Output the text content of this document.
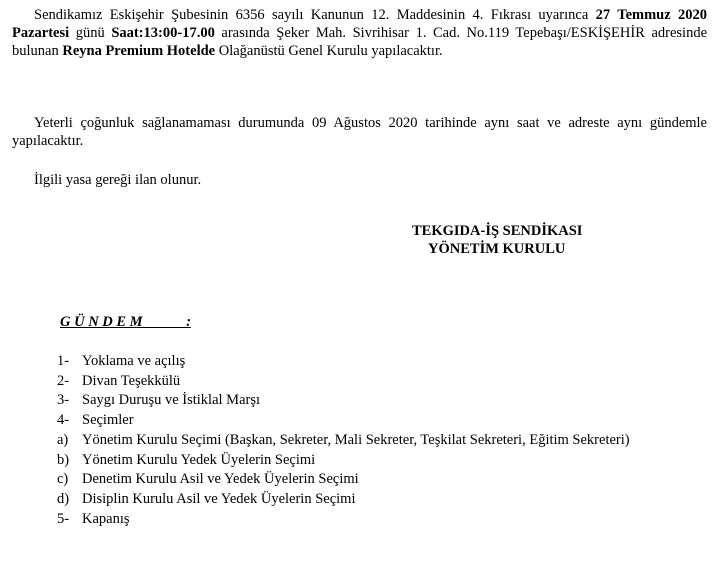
Sendikamız Eskişehir Şubesinin 6356 sayılı Kanunun 12. Maddesinin 4. Fıkrası uyarınca 27 Temmuz 2020 Pazartesi günü Saat:13:00-17.00 arasında Şeker Mah. Sivrihisar 1. Cad. No.119 Tepebaşı/ESKİŞEHİR adresinde bulunan Reyna Premium Hotelde Olağanüstü Genel Kurulu yapılacaktır.

Yeterli çoğunluk sağlanamaması durumunda 09 Ağustos 2020 tarihinde aynı saat ve adreste aynı gündemle yapılacaktır.

İlgili yasa gereği ilan olunur.

TEKGIDA-İŞ SENDİKASI
YÖNETİM KURULU
G Ü N D E M            :
1- Yoklama ve açılış
2- Divan Teşekkülü
3- Saygı Duruşu ve İstiklal Marşı
4- Seçimler
a) Yönetim Kurulu Seçimi (Başkan, Sekreter, Mali Sekreter, Teşkilat Sekreteri, Eğitim Sekreteri)
b) Yönetim Kurulu Yedek Üyelerin Seçimi
c) Denetim Kurulu Asil ve Yedek Üyelerin Seçimi
d) Disiplin Kurulu Asil ve Yedek Üyelerin Seçimi
5- Kapanış
